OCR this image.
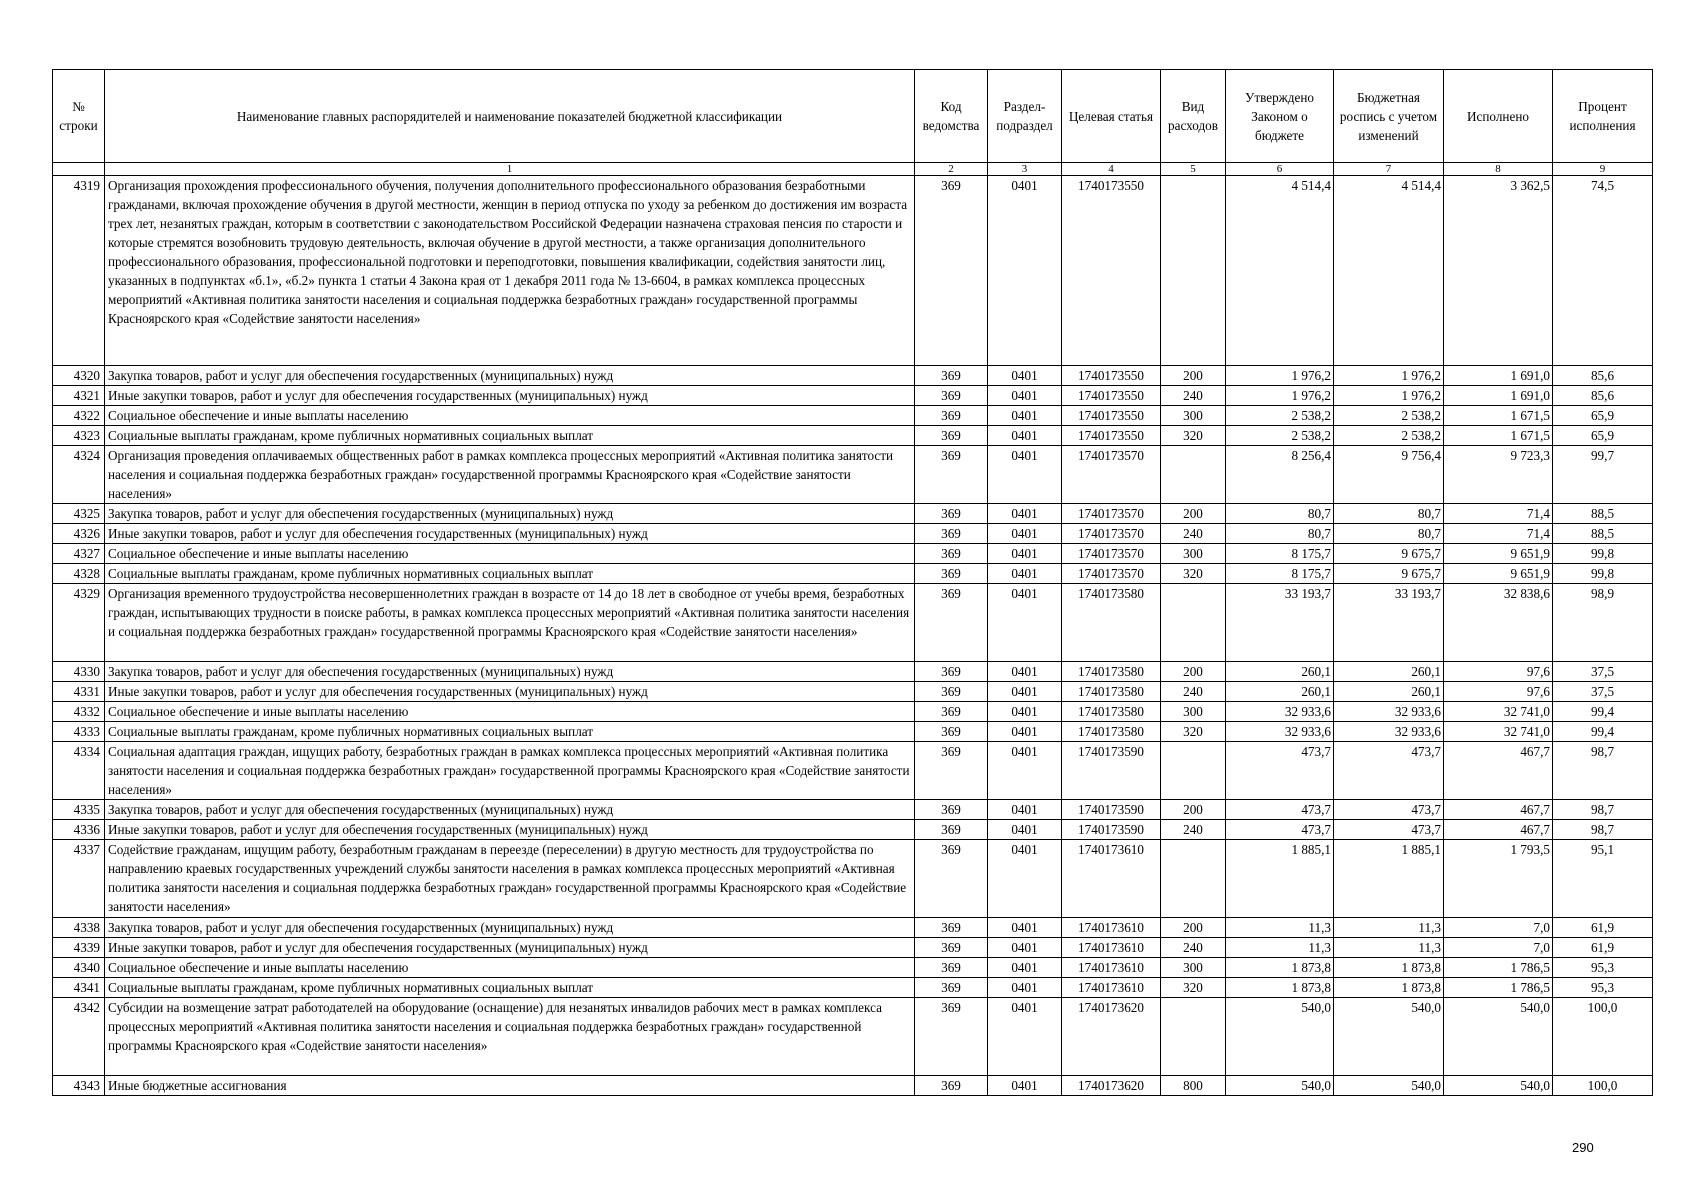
№ строки	Наименование главных распорядителей и наименование показателей бюджетной классификации	Код ведомства	Раздел-подраздел	Целевая статья	Вид расходов	Утверждено Законом о бюджете	Бюджетная роспись с учетом изменений	Исполнено	Процент исполнения
	1	2	3	4	5	6	7	8	9
4319	Организация прохождения профессионального обучения, получения дополнительного профессионального образования безработными гражданами, включая прохождение обучения в другой местности, женщин в период отпуска по уходу за ребенком до достижения им возраста трех лет, незанятых граждан, которым в соответствии с законодательством Российской Федерации назначена страховая пенсия по старости и которые стремятся возобновить трудовую деятельность, включая обучение в другой местности, а также организация дополнительного профессионального образования, профессиональной подготовки и переподготовки, повышения квалификации, содействия занятости лиц, указанных в подпунктах «б.1», «б.2» пункта 1 статьи 4 Закона края от 1 декабря 2011 года № 13-6604, в рамках комплекса процессных мероприятий «Активная политика занятости населения и социальная поддержка безработных граждан» государственной программы Красноярского края «Содействие занятости населения»	369	0401	1740173550		4 514,4	4 514,4	3 362,5	74,5
4320	Закупка товаров, работ и услуг для обеспечения государственных (муниципальных) нужд	369	0401	1740173550	200	1 976,2	1 976,2	1 691,0	85,6
4321	Иные закупки товаров, работ и услуг для обеспечения государственных (муниципальных) нужд	369	0401	1740173550	240	1 976,2	1 976,2	1 691,0	85,6
4322	Социальное обеспечение и иные выплаты населению	369	0401	1740173550	300	2 538,2	2 538,2	1 671,5	65,9
4323	Социальные выплаты гражданам, кроме публичных нормативных социальных выплат	369	0401	1740173550	320	2 538,2	2 538,2	1 671,5	65,9
4324	Организация проведения оплачиваемых общественных работ в рамках комплекса процессных мероприятий «Активная политика занятости населения и социальная поддержка безработных граждан» государственной программы Красноярского края «Содействие занятости населения»	369	0401	1740173570		8 256,4	9 756,4	9 723,3	99,7
4325	Закупка товаров, работ и услуг для обеспечения государственных (муниципальных) нужд	369	0401	1740173570	200	80,7	80,7	71,4	88,5
4326	Иные закупки товаров, работ и услуг для обеспечения государственных (муниципальных) нужд	369	0401	1740173570	240	80,7	80,7	71,4	88,5
4327	Социальное обеспечение и иные выплаты населению	369	0401	1740173570	300	8 175,7	9 675,7	9 651,9	99,8
4328	Социальные выплаты гражданам, кроме публичных нормативных социальных выплат	369	0401	1740173570	320	8 175,7	9 675,7	9 651,9	99,8
4329	Организация временного трудоустройства несовершеннолетних граждан в возрасте от 14 до 18 лет в свободное от учебы время, безработных граждан, испытывающих трудности в поиске работы, в рамках комплекса процессных мероприятий «Активная политика занятости населения и социальная поддержка безработных граждан» государственной программы Красноярского края «Содействие занятости населения»	369	0401	1740173580		33 193,7	33 193,7	32 838,6	98,9
4330	Закупка товаров, работ и услуг для обеспечения государственных (муниципальных) нужд	369	0401	1740173580	200	260,1	260,1	97,6	37,5
4331	Иные закупки товаров, работ и услуг для обеспечения государственных (муниципальных) нужд	369	0401	1740173580	240	260,1	260,1	97,6	37,5
4332	Социальное обеспечение и иные выплаты населению	369	0401	1740173580	300	32 933,6	32 933,6	32 741,0	99,4
4333	Социальные выплаты гражданам, кроме публичных нормативных социальных выплат	369	0401	1740173580	320	32 933,6	32 933,6	32 741,0	99,4
4334	Социальная адаптация граждан, ищущих работу, безработных граждан в рамках комплекса процессных мероприятий «Активная политика занятости населения и социальная поддержка безработных граждан» государственной программы Красноярского края «Содействие занятости населения»	369	0401	1740173590		473,7	473,7	467,7	98,7
4335	Закупка товаров, работ и услуг для обеспечения государственных (муниципальных) нужд	369	0401	1740173590	200	473,7	473,7	467,7	98,7
4336	Иные закупки товаров, работ и услуг для обеспечения государственных (муниципальных) нужд	369	0401	1740173590	240	473,7	473,7	467,7	98,7
4337	Содействие гражданам, ищущим работу, безработным гражданам в переезде (переселении) в другую местность для трудоустройства по направлению краевых государственных учреждений службы занятости населения в рамках комплекса процессных мероприятий «Активная политика занятости населения и социальная поддержка безработных граждан» государственной программы Красноярского края «Содействие занятости населения»	369	0401	1740173610		1 885,1	1 885,1	1 793,5	95,1
4338	Закупка товаров, работ и услуг для обеспечения государственных (муниципальных) нужд	369	0401	1740173610	200	11,3	11,3	7,0	61,9
4339	Иные закупки товаров, работ и услуг для обеспечения государственных (муниципальных) нужд	369	0401	1740173610	240	11,3	11,3	7,0	61,9
4340	Социальное обеспечение и иные выплаты населению	369	0401	1740173610	300	1 873,8	1 873,8	1 786,5	95,3
4341	Социальные выплаты гражданам, кроме публичных нормативных социальных выплат	369	0401	1740173610	320	1 873,8	1 873,8	1 786,5	95,3
4342	Субсидии на возмещение затрат работодателей на оборудование (оснащение) для незанятых инвалидов рабочих мест в рамках комплекса процессных мероприятий «Активная политика занятости населения и социальная поддержка безработных граждан» государственной программы Красноярского края «Содействие занятости населения»	369	0401	1740173620		540,0	540,0	540,0	100,0
4343	Иные бюджетные ассигнования	369	0401	1740173620	800	540,0	540,0	540,0	100,0
290
